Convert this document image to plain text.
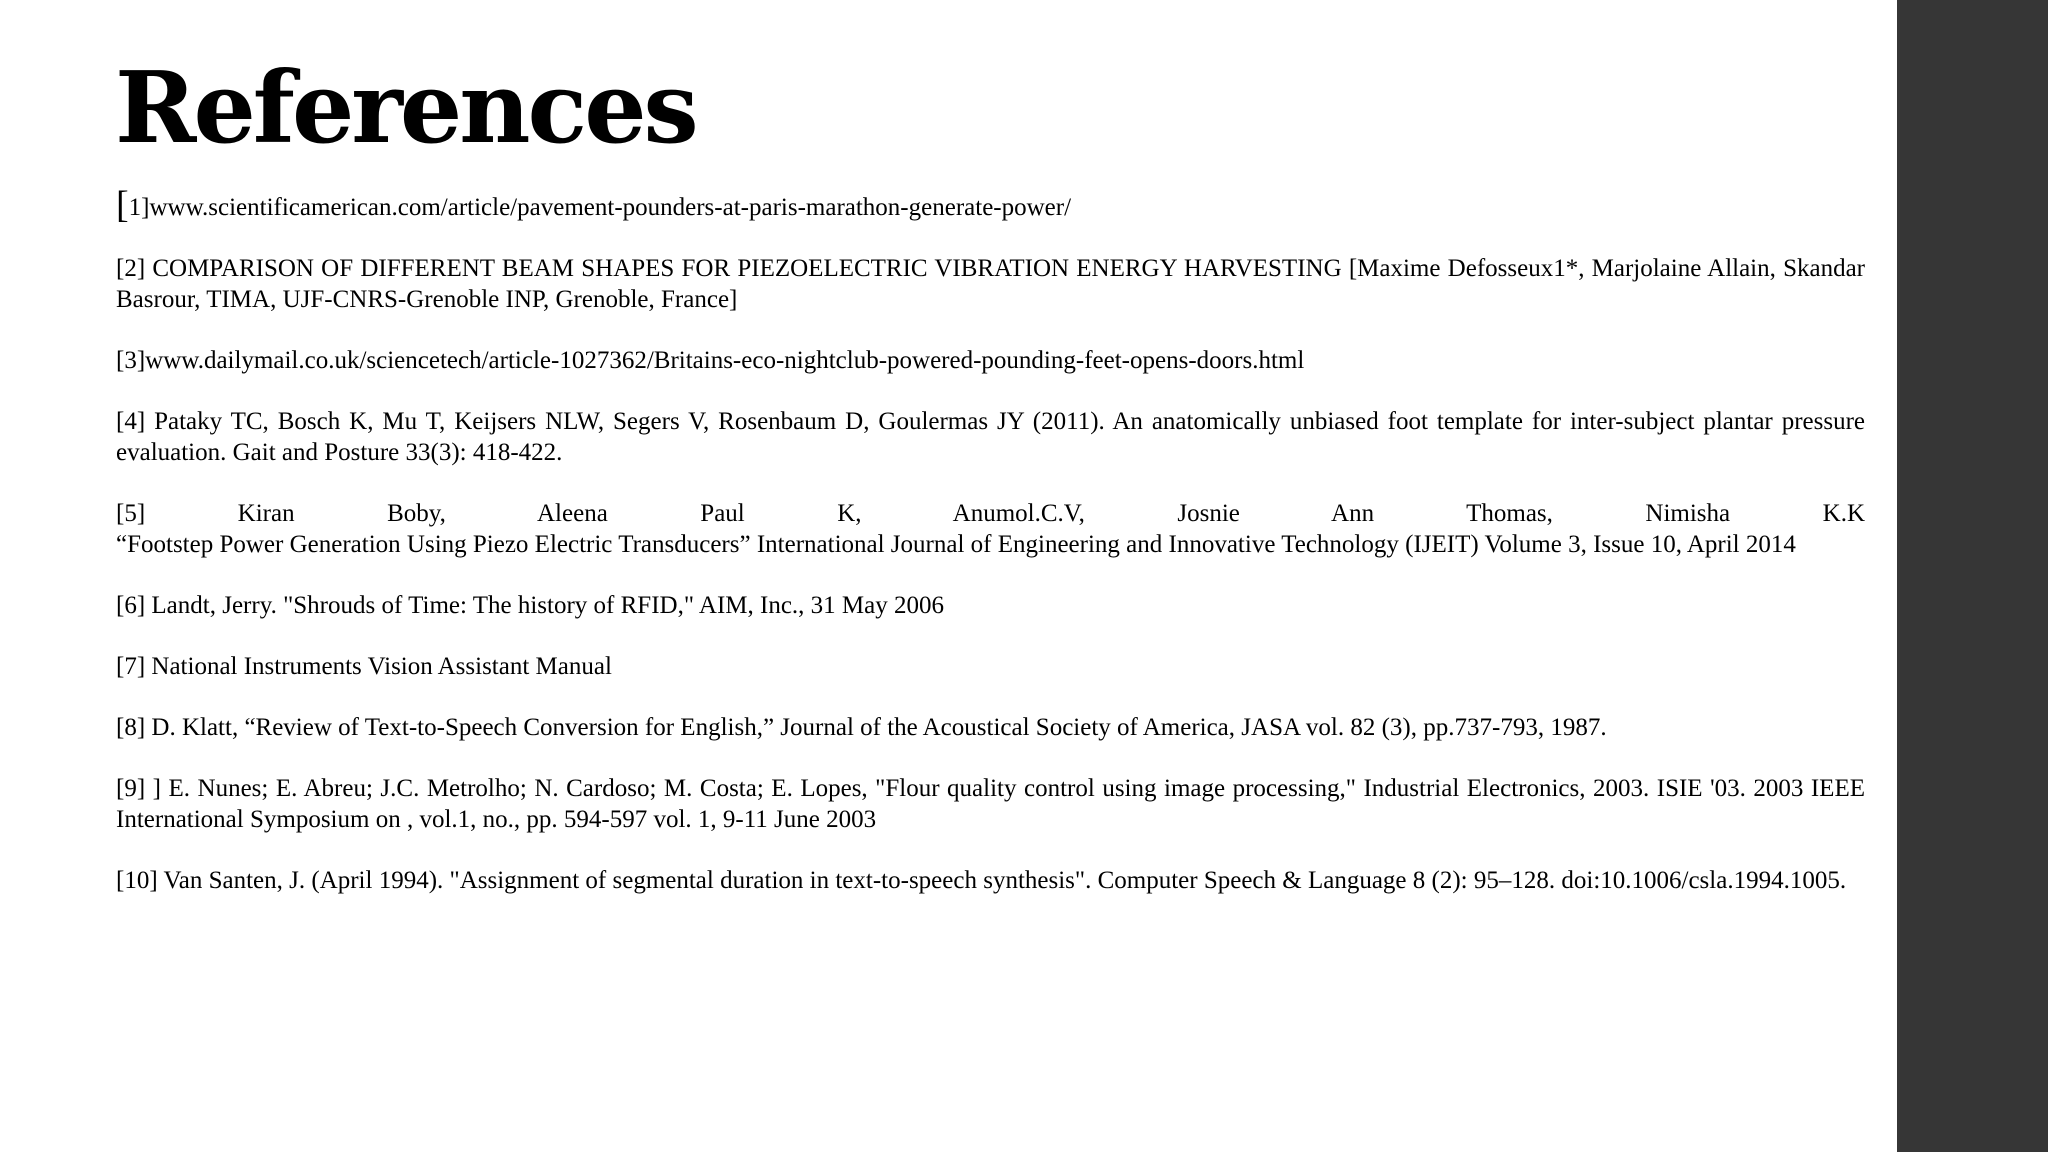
References

[1]www.scientificamerican.com/article/pavement-pounders-at-paris-marathon-generate-power/

[2] COMPARISON OF DIFFERENT BEAM SHAPES FOR PIEZOELECTRIC VIBRATION ENERGY HARVESTING [Maxime Defosseux1*, Marjolaine Allain, Skandar Basrour, TIMA, UJF-CNRS-Grenoble INP, Grenoble, France]

[3]www.dailymail.co.uk/sciencetech/article-1027362/Britains-eco-nightclub-powered-pounding-feet-opens-doors.html

[4] Pataky TC, Bosch K, Mu T, Keijsers NLW, Segers V, Rosenbaum D, Goulermas JY (2011). An anatomically unbiased foot template for inter-subject plantar pressure evaluation. Gait and Posture 33(3): 418-422.

[5] Kiran Boby, Aleena Paul K, Anumol.C.V, Josnie Ann Thomas, Nimisha K.K
“Footstep Power Generation Using Piezo Electric Transducers” International Journal of Engineering and Innovative Technology (IJEIT) Volume 3, Issue 10, April 2014

[6] Landt, Jerry. "Shrouds of Time: The history of RFID," AIM, Inc., 31 May 2006

[7] National Instruments Vision Assistant Manual

[8] D. Klatt, “Review of Text-to-Speech Conversion for English,” Journal of the Acoustical Society of America, JASA vol. 82 (3), pp.737-793, 1987.

[9] ] E. Nunes; E. Abreu; J.C. Metrolho; N. Cardoso; M. Costa; E. Lopes, "Flour quality control using image processing," Industrial Electronics, 2003. ISIE '03. 2003 IEEE International Symposium on , vol.1, no., pp. 594-597 vol. 1, 9-11 June 2003

[10] Van Santen, J. (April 1994). "Assignment of segmental duration in text-to-speech synthesis". Computer Speech & Language 8 (2): 95–128. doi:10.1006/csla.1994.1005.
